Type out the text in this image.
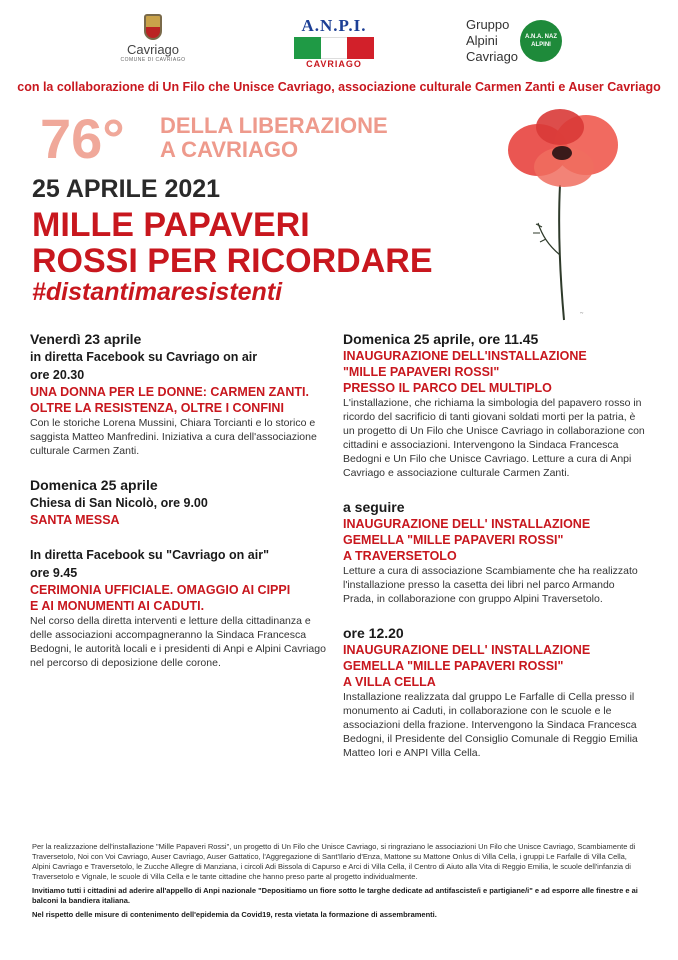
Cavriago
COMUNE DI CAVRIAGO
A.N.P.I.
CAVRIAGO
Gruppo
Alpini
Cavriago
A.N.A. NAZ ALPINI
con la collaborazione di Un Filo che Unisce Cavriago, associazione culturale Carmen Zanti e Auser Cavriago
76° DELLA LIBERAZIONE
A CAVRIAGO
25 APRILE 2021
MILLE PAPAVERI
ROSSI PER RICORDARE
#distantimaresistenti
~
Venerdì 23 aprile
in diretta Facebook su Cavriago on air
ore 20.30
UNA DONNA PER LE DONNE: CARMEN ZANTI.
OLTRE LA RESISTENZA, OLTRE I CONFINI
Con le storiche Lorena Mussini, Chiara Torcianti e lo storico e saggista Matteo Manfredini. Iniziativa a cura dell'associazione culturale Carmen Zanti.
Domenica 25 aprile
Chiesa di San Nicolò, ore 9.00
SANTA MESSA
In diretta Facebook su "Cavriago on air"
ore 9.45
CERIMONIA UFFICIALE. OMAGGIO AI CIPPI
E AI MONUMENTI AI CADUTI.
Nel corso della diretta interventi e letture della cittadinanza e delle associazioni accompagneranno la Sindaca Francesca Bedogni, le autorità locali e i presidenti di Anpi e Alpini Cavriago nel percorso di deposizione delle corone.
Domenica 25 aprile, ore 11.45
INAUGURAZIONE DELL'INSTALLAZIONE
"MILLE PAPAVERI ROSSI"
PRESSO IL PARCO DEL MULTIPLO
L'installazione, che richiama la simbologia del papavero rosso in ricordo del sacrificio di tanti giovani soldati morti per la patria, è un progetto di Un Filo che Unisce Cavriago in collaborazione con cittadini e associazioni. Intervengono la Sindaca Francesca Bedogni e Un Filo che Unisce Cavriago. Letture a cura di Anpi Cavriago e associazione culturale Carmen Zanti.
a seguire
INAUGURAZIONE DELL' INSTALLAZIONE
GEMELLA "MILLE PAPAVERI ROSSI"
A TRAVERSETOLO
Letture a cura di associazione Scambiamente che ha realizzato l'installazione presso la casetta dei libri nel parco Armando Prada, in collaborazione con gruppo Alpini Traversetolo.
ore 12.20
INAUGURAZIONE DELL' INSTALLAZIONE
GEMELLA "MILLE PAPAVERI ROSSI"
A VILLA CELLA
Installazione realizzata dal gruppo Le Farfalle di Cella presso il monumento ai Caduti, in collaborazione con le scuole e le associazioni della frazione. Intervengono la Sindaca Francesca Bedogni, il Presidente del Consiglio Comunale di Reggio Emilia Matteo Iori e ANPI Villa Cella.
Per la realizzazione dell'installazione "Mille Papaveri Rossi", un progetto di Un Filo che Unisce Cavriago, si ringraziano le associazioni Un Filo che Unisce Cavriago, Scambiamente di Traversetolo, Noi con Voi Cavriago, Auser Cavriago, Auser Gattatico, l'Aggregazione di Sant'Ilario d'Enza, Mattone su Mattone Onlus di Villa Cella, i gruppi Le Farfalle di Villa Cella, Alpini Cavriago e Traversetolo, le Zucche Allegre di Manziana, i circoli Adi Bissola di Capurso e Arci di Villa Cella, il Centro di Aiuto alla Vita di Reggio Emilia, le scuole dell'infanzia di Traversetolo e Vignale, le scuole di Villa Cella e le tante cittadine che hanno preso parte al progetto individualmente.
Invitiamo tutti i cittadini ad aderire all'appello di Anpi nazionale "Depositiamo un fiore sotto le targhe dedicate ad antifasciste/i e partigiane/i" e ad esporre alle finestre e ai balconi la bandiera italiana.
Nel rispetto delle misure di contenimento dell'epidemia da Covid19, resta vietata la formazione di assembramenti.
